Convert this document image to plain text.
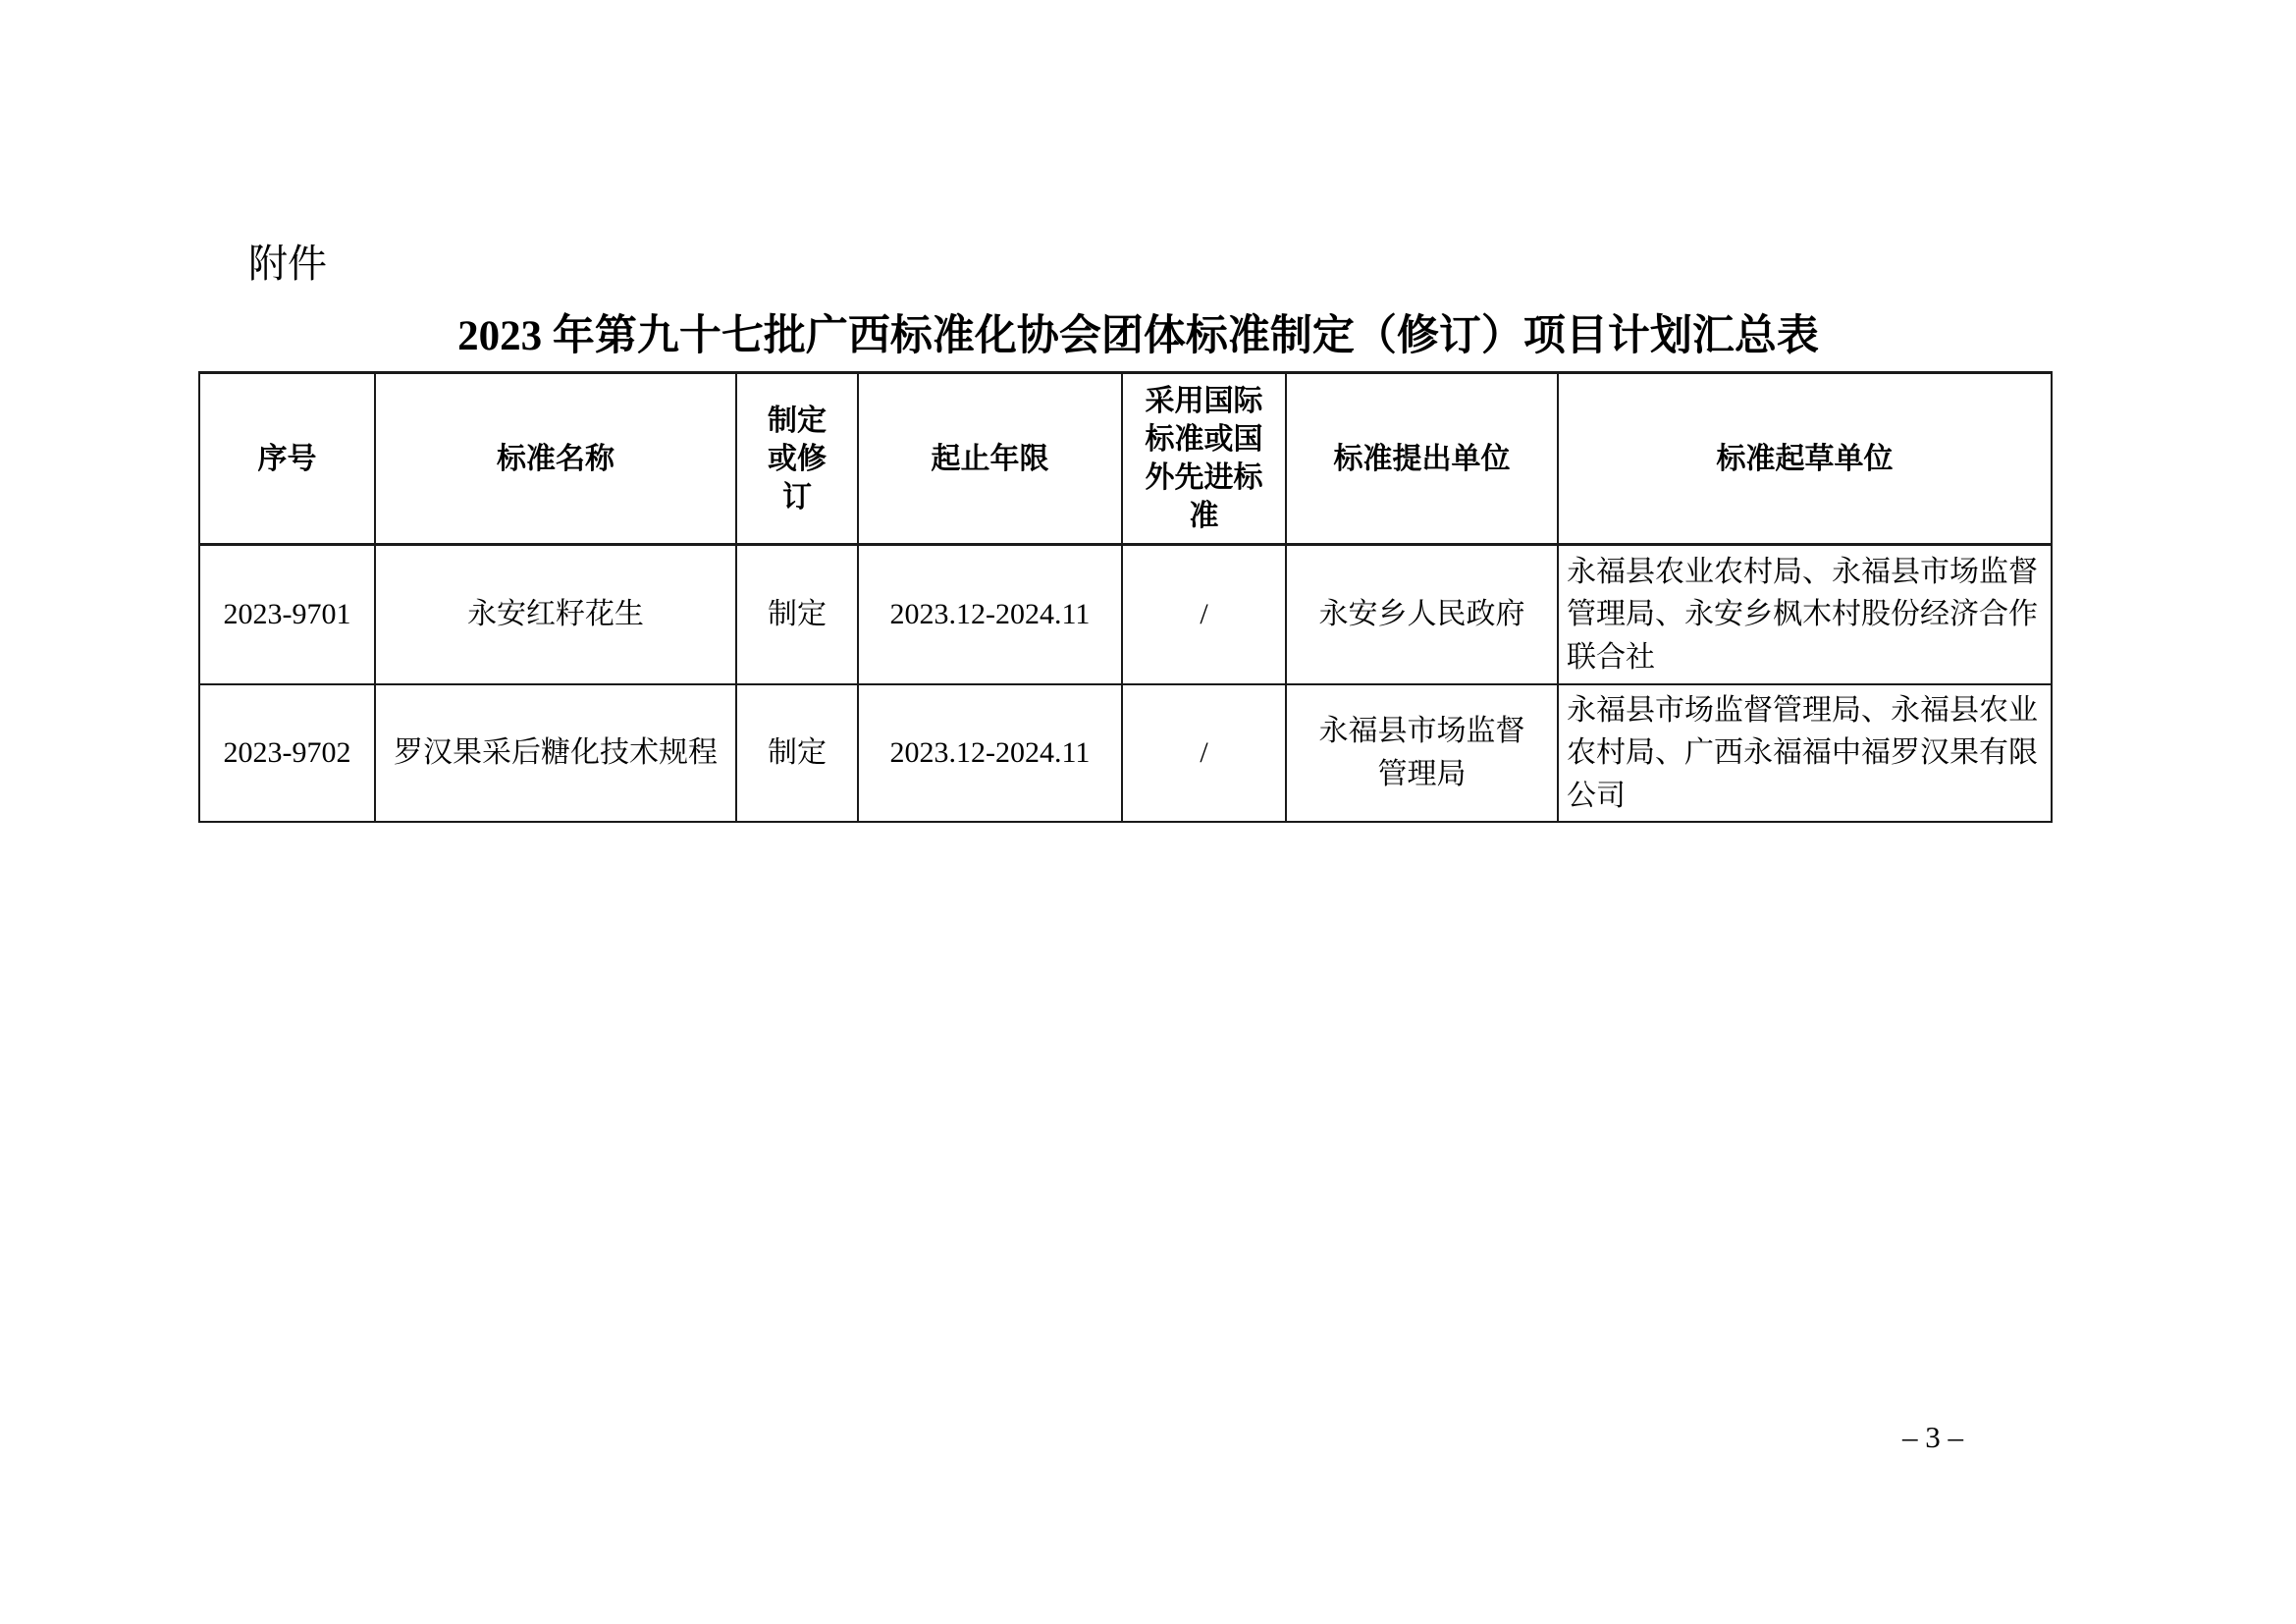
附件
2023 年第九十七批广西标准化协会团体标准制定（修订）项目计划汇总表
序号	标准名称	制定或修订	起止年限	采用国际标准或国外先进标准	标准提出单位	标准起草单位
2023-9701	永安红籽花生	制定	2023.12-2024.11	/	永安乡人民政府	永福县农业农村局、永福县市场监督管理局、永安乡枫木村股份经济合作联合社
2023-9702	罗汉果采后糖化技术规程	制定	2023.12-2024.11	/	永福县市场监督管理局	永福县市场监督管理局、永福县农业农村局、广西永福福中福罗汉果有限公司
– 3 –
